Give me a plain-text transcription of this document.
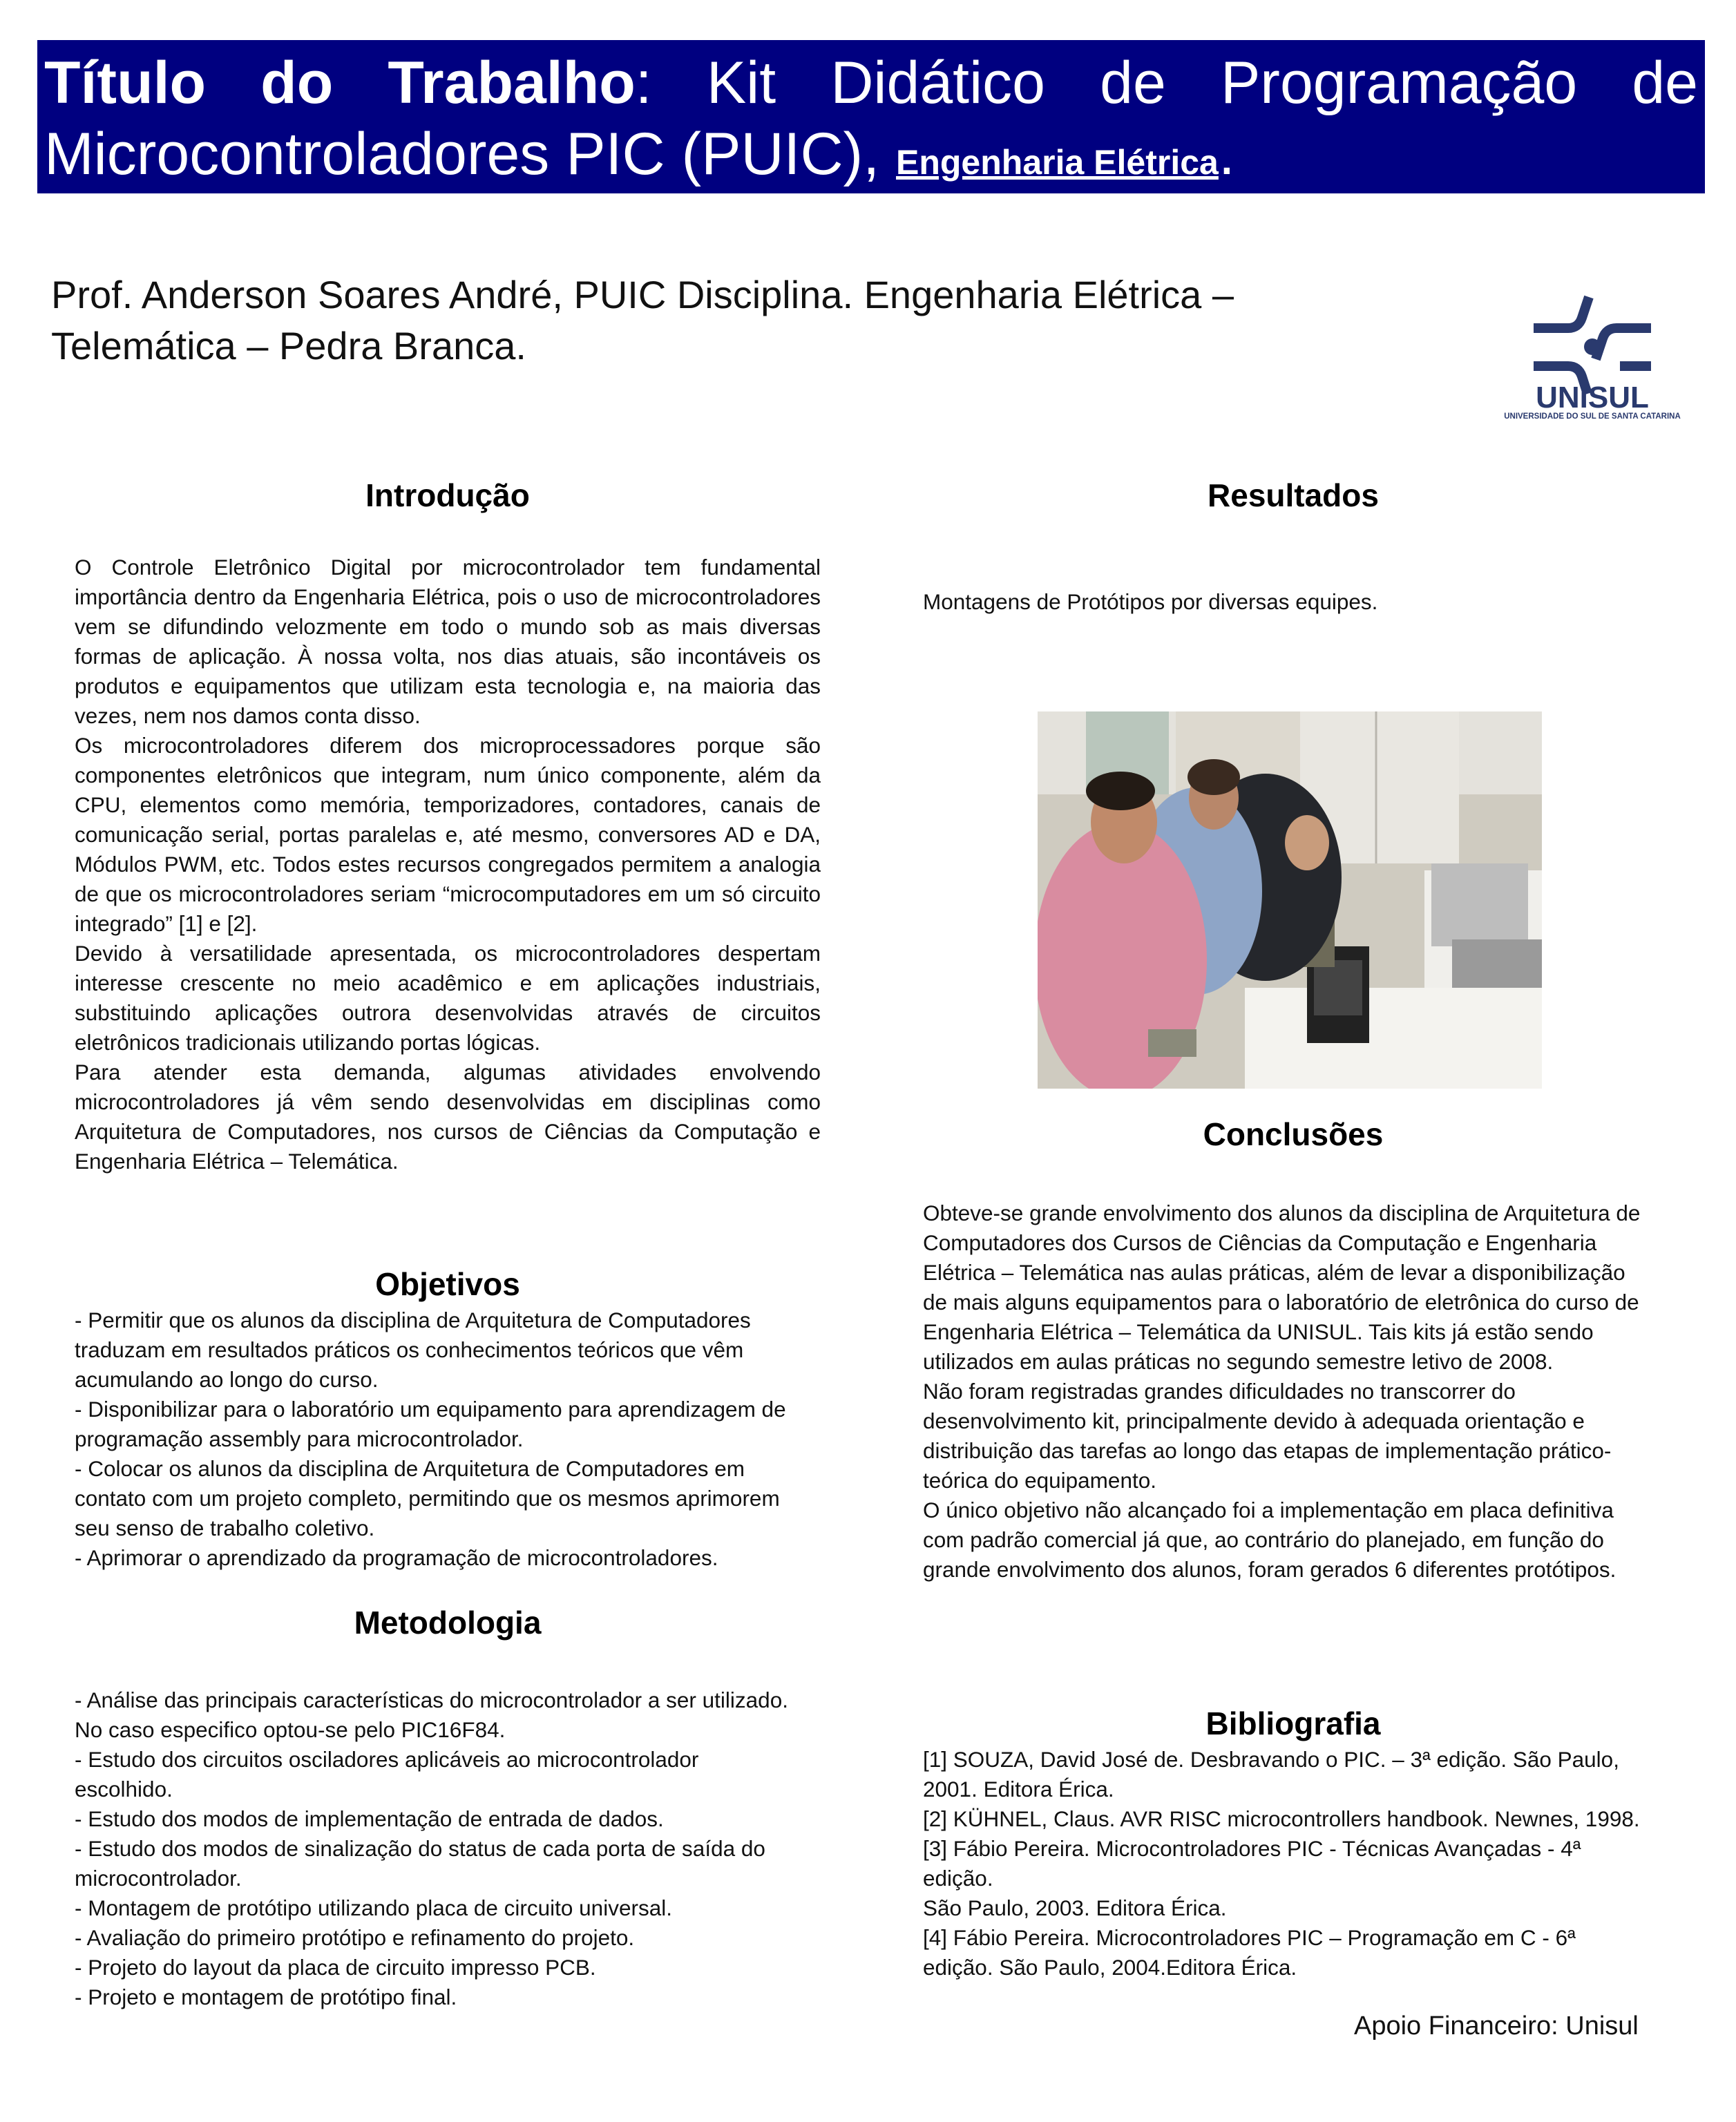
Título do Trabalho: Kit Didático de Programação de
Microcontroladores PIC (PUIC), Engenharia Elétrica.
Prof. Anderson Soares André, PUIC Disciplina. Engenharia Elétrica –
Telemática – Pedra Branca.
UNISUL
UNIVERSIDADE DO SUL DE SANTA CATARINA
Introdução

O Controle Eletrônico Digital por microcontrolador tem fundamental importância dentro da Engenharia Elétrica, pois o uso de microcontroladores vem se difundindo velozmente em todo o mundo sob as mais diversas formas de aplicação. À nossa volta, nos dias atuais, são incontáveis os produtos e equipamentos que utilizam esta tecnologia e, na maioria das vezes, nem nos damos conta disso.

Os microcontroladores diferem dos microprocessadores porque são componentes eletrônicos que integram, num único componente, além da CPU, elementos como memória, temporizadores, contadores, canais de comunicação serial, portas paralelas e, até mesmo, conversores AD e DA, Módulos PWM, etc. Todos estes recursos congregados permitem a analogia de que os microcontroladores seriam “microcomputadores em um só circuito integrado” [1] e [2].

Devido à versatilidade apresentada, os microcontroladores despertam interesse crescente no meio acadêmico e em aplicações industriais, substituindo aplicações outrora desenvolvidas através de circuitos eletrônicos tradicionais utilizando portas lógicas.

Para atender esta demanda, algumas atividades envolvendo microcontroladores já vêm sendo desenvolvidas em disciplinas como Arquitetura de Computadores, nos cursos de Ciências da Computação e Engenharia Elétrica – Telemática.

Objetivos

- Permitir que os alunos da disciplina de Arquitetura de Computadores traduzam em resultados práticos os conhecimentos teóricos que vêm acumulando ao longo do curso.

- Disponibilizar para o laboratório um equipamento para aprendizagem de programação assembly para microcontrolador.

- Colocar os alunos da disciplina de Arquitetura de Computadores em contato com um projeto completo, permitindo que os mesmos aprimorem seu senso de trabalho coletivo.

- Aprimorar o aprendizado da programação de microcontroladores.

Metodologia

- Análise das principais características do microcontrolador a ser utilizado. No caso especifico optou-se pelo PIC16F84.

- Estudo dos circuitos osciladores aplicáveis ao microcontrolador escolhido.

- Estudo dos modos de implementação de entrada de dados.

- Estudo dos modos de sinalização do status de cada porta de saída do microcontrolador.

- Montagem de protótipo utilizando placa de circuito universal.

- Avaliação do primeiro protótipo e refinamento do projeto.

- Projeto do layout da placa de circuito impresso PCB.

- Projeto e montagem de protótipo final.

Resultados
Montagens de Protótipos por diversas equipes.
Conclusões

Obteve-se grande envolvimento dos alunos da disciplina de Arquitetura de Computadores dos Cursos de Ciências da Computação e Engenharia Elétrica – Telemática nas aulas práticas, além de levar a disponibilização de mais alguns equipamentos para o laboratório de eletrônica do curso de Engenharia Elétrica – Telemática da UNISUL. Tais kits já estão sendo utilizados em aulas práticas no segundo semestre letivo de 2008.

Não foram registradas grandes dificuldades no transcorrer do desenvolvimento kit, principalmente devido à adequada orientação e distribuição das tarefas ao longo das etapas de implementação prático-teórica do equipamento.

O único objetivo não alcançado foi a implementação em placa definitiva com padrão comercial já que, ao contrário do planejado, em função do grande envolvimento dos alunos, foram gerados 6 diferentes protótipos.

Bibliografia

[1] SOUZA, David José de. Desbravando o PIC. – 3ª edição. São Paulo, 2001. Editora Érica.

[2] KÜHNEL, Claus. AVR RISC microcontrollers handbook. Newnes, 1998.

[3] Fábio Pereira. Microcontroladores PIC - Técnicas Avançadas - 4ª edição.

São Paulo, 2003. Editora Érica.

[4] Fábio Pereira. Microcontroladores PIC – Programação em C - 6ª edição. São Paulo, 2004.Editora Érica.

Apoio Financeiro: Unisul
